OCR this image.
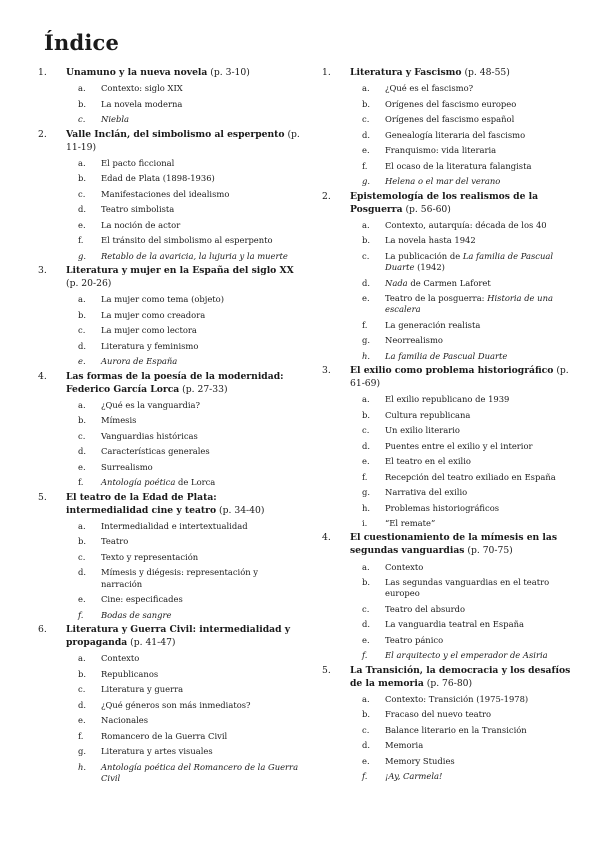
Índice
1. Unamuno y la nueva novela (p. 3-10)
a. Contexto: siglo XIX
b. La novela moderna
c. Niebla
2. Valle Inclán, del simbolismo al esperpento (p. 11-19)
a. El pacto ficcional
b. Edad de Plata (1898-1936)
c. Manifestaciones del idealismo
d. Teatro simbolista
e. La noción de actor
f. El tránsito del simbolismo al esperpento
g. Retablo de la avaricia, la lujuria y la muerte
3. Literatura y mujer en la España del siglo XX (p. 20-26)
a. La mujer como tema (objeto)
b. La mujer como creadora
c. La mujer como lectora
d. Literatura y feminismo
e. Aurora de España
4. Las formas de la poesía de la modernidad: Federico García Lorca (p. 27-33)
a. ¿Qué es la vanguardia?
b. Mímesis
c. Vanguardias históricas
d. Características generales
e. Surrealismo
f. Antología poética de Lorca
5. El teatro de la Edad de Plata: intermedialidad cine y teatro (p. 34-40)
a. Intermedialidad e intertextualidad
b. Teatro
c. Texto y representación
d. Mímesis y diégesis: representación y narración
e. Cine: especificades
f. Bodas de sangre
6. Literatura y Guerra Civil: intermedialidad y propaganda (p. 41-47)
a. Contexto
b. Republicanos
c. Literatura y guerra
d. ¿Qué géneros son más inmediatos?
e. Nacionales
f. Romancero de la Guerra Civil
g. Literatura y artes visuales
h. Antología poética del Romancero de la Guerra Civil
1. Literatura y Fascismo (p. 48-55)
a. ¿Qué es el fascismo?
b. Orígenes del fascismo europeo
c. Orígenes del fascismo español
d. Genealogía literaria del fascismo
e. Franquismo: vida literaria
f. El ocaso de la literatura falangista
g. Helena o el mar del verano
2. Epistemología de los realismos de la Posguerra (p. 56-60)
a. Contexto, autarquía: década de los 40
b. La novela hasta 1942
c. La publicación de La familia de Pascual Duarte (1942)
d. Nada de Carmen Laforet
e. Teatro de la posguerra: Historia de una escalera
f. La generación realista
g. Neorrealismo
h. La familia de Pascual Duarte
3. El exilio como problema historiográfico (p. 61-69)
a. El exilio republicano de 1939
b. Cultura republicana
c. Un exilio literario
d. Puentes entre el exilio y el interior
e. El teatro en el exilio
f. Recepción del teatro exiliado en España
g. Narrativa del exilio
h. Problemas historiográficos
i. “El remate”
4. El cuestionamiento de la mímesis en las segundas vanguardias (p. 70-75)
a. Contexto
b. Las segundas vanguardias en el teatro europeo
c. Teatro del absurdo
d. La vanguardia teatral en España
e. Teatro pánico
f. El arquitecto y el emperador de Asiria
5. La Transición, la democracia y los desafíos de la memoria (p. 76-80)
a. Contexto: Transición (1975-1978)
b. Fracaso del nuevo teatro
c. Balance literario en la Transición
d. Memoria
e. Memory Studies
f. ¡Ay, Carmela!
